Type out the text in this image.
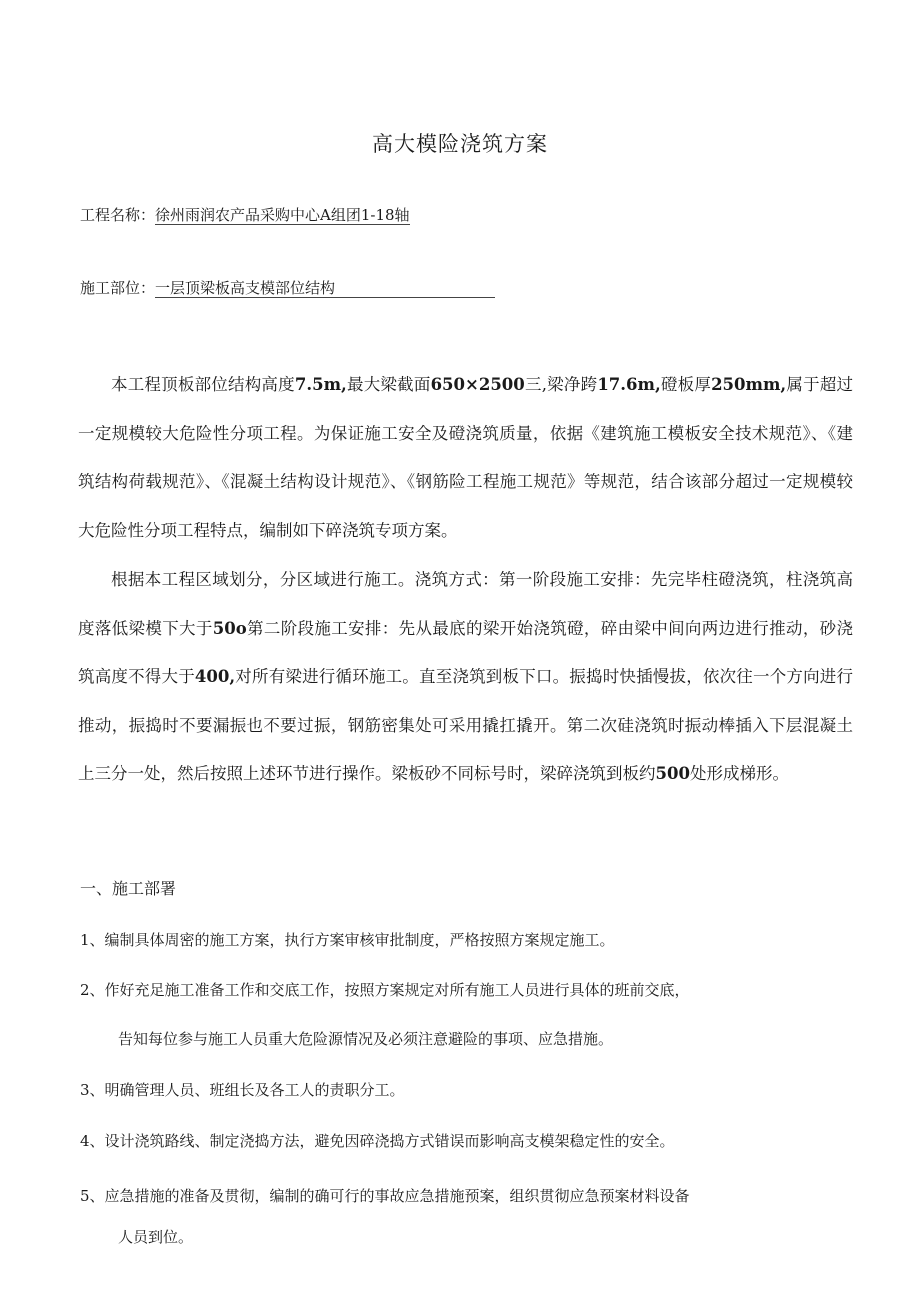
高大模险浇筑方案
工程名称：徐州雨润农产品采购中心A组团1-18轴
施工部位：一层顶梁板高支模部位结构

本工程顶板部位结构高度7.5m,最大梁截面650×2500三,梁净跨17.6m,磴板厚250mm,属于超过一定规模较大危险性分项工程。为保证施工安全及磴浇筑质量，依据《建筑施工模板安全技术规范》、《建筑结构荷载规范》、《混凝土结构设计规范》、《钢筋险工程施工规范》等规范，结合该部分超过一定规模较大危险性分项工程特点，编制如下碎浇筑专项方案。

根据本工程区域划分，分区域进行施工。浇筑方式：第一阶段施工安排：先完毕柱磴浇筑，柱浇筑高度落低梁模下大于50o第二阶段施工安排：先从最底的梁开始浇筑磴，碎由梁中间向两边进行推动，砂浇筑高度不得大于400,对所有梁进行循环施工。直至浇筑到板下口。振捣时快插慢拔，依次往一个方向进行推动，振捣时不要漏振也不要过振，钢筋密集处可采用撬扛撬开。第二次硅浇筑时振动棒插入下层混凝土上三分一处，然后按照上述环节进行操作。梁板砂不同标号时，梁碎浇筑到板约500处形成梯形。

一、施工部署

1、编制具体周密的施工方案，执行方案审核审批制度，严格按照方案规定施工。

2、作好充足施工准备工作和交底工作，按照方案规定对所有施工人员进行具体的班前交底，

告知每位参与施工人员重大危险源情况及必须注意避险的事项、应急措施。

3、明确管理人员、班组长及各工人的责职分工。

4、设计浇筑路线、制定浇捣方法，避免因碎浇捣方式错误而影响高支模架稳定性的安全。

5、应急措施的准备及贯彻，编制的确可行的事故应急措施预案，组织贯彻应急预案材料设备

人员到位。
